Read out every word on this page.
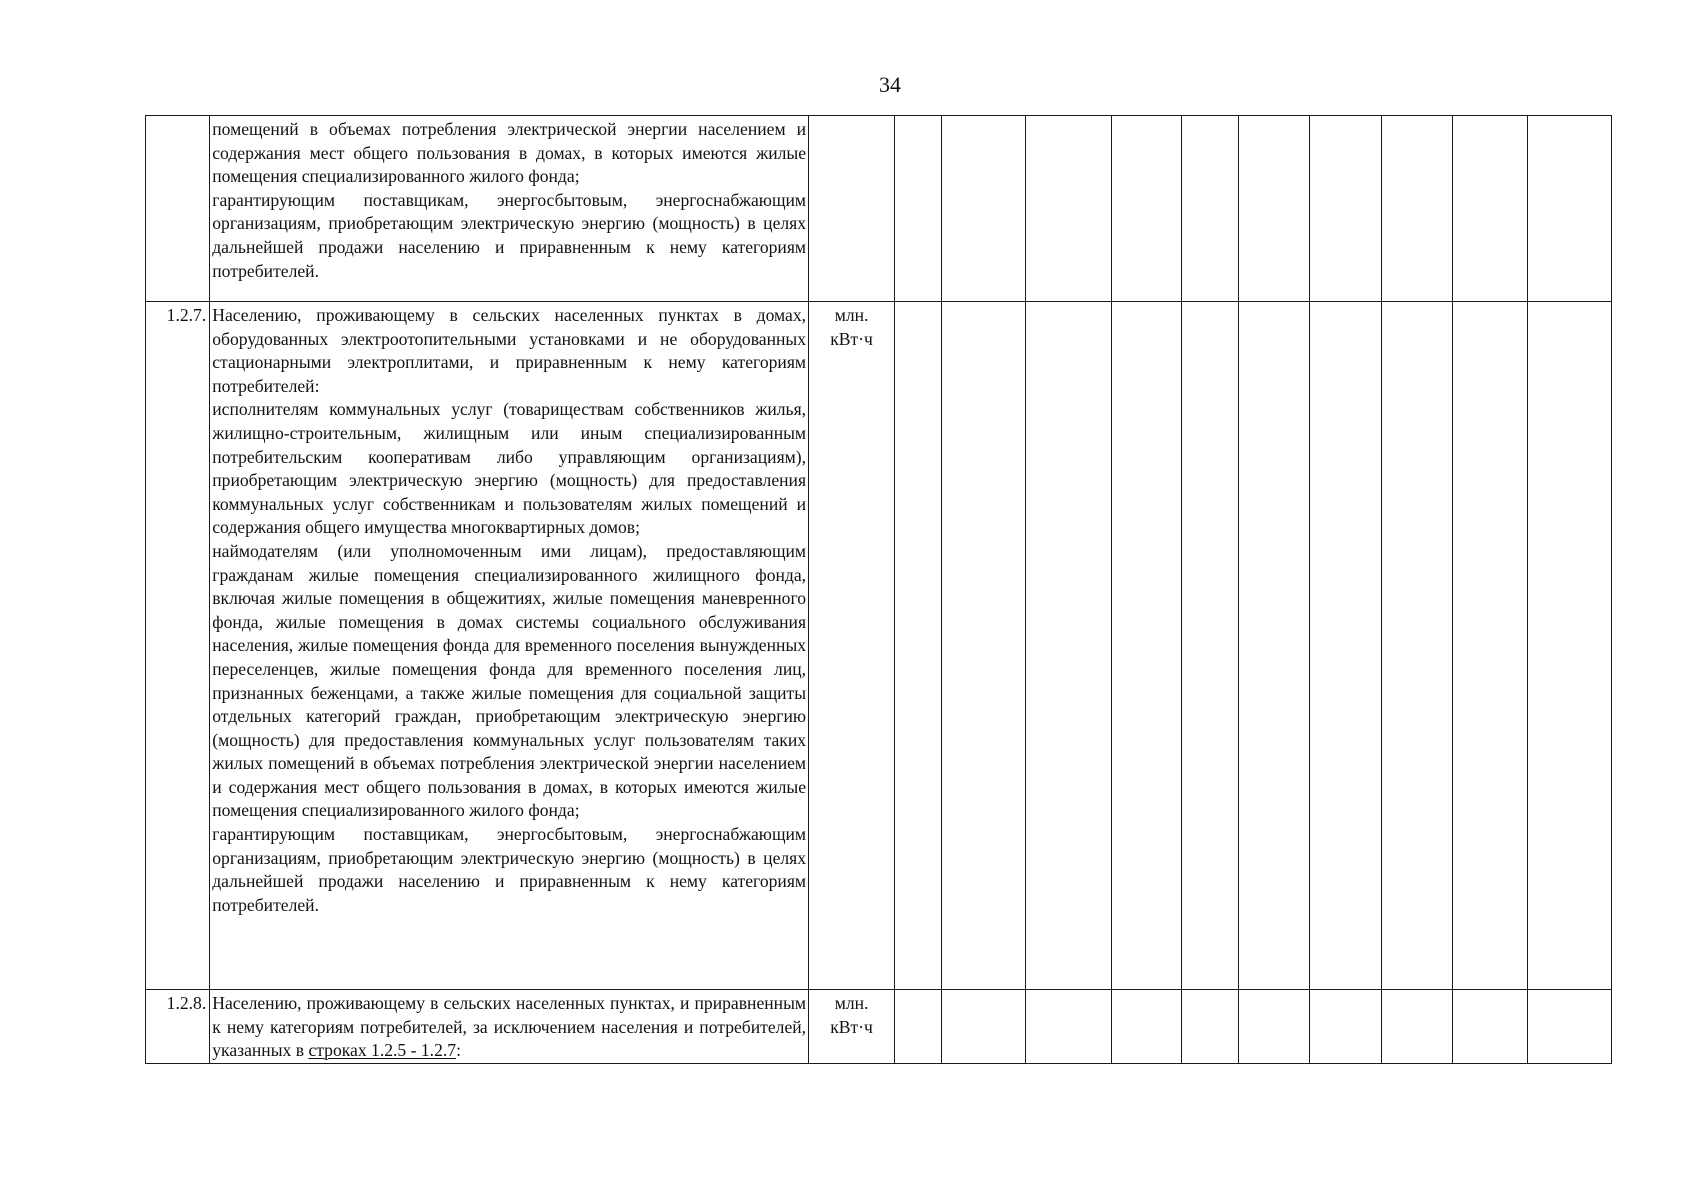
34

	помещений в объемах потребления электрической энергии населением и содержания мест общего пользования в домах, в которых имеются жилые помещения специализированного жилого фонда;
гарантирующим поставщикам, энергосбытовым, энергоснабжающим организациям, приобретающим электрическую энергию (мощность) в целях дальнейшей продажи населению и приравненным к нему категориям потребителей.											

1.2.7.	Населению, проживающему в сельских населенных пунктах в домах, оборудованных электроотопительными установками и не оборудованных стационарными электроплитами, и приравненным к нему категориям потребителей:
исполнителям коммунальных услуг (товариществам собственников жилья, жилищно-строительным, жилищным или иным специализированным потребительским кооперативам либо управляющим организациям), приобретающим электрическую энергию (мощность) для предоставления коммунальных услуг собственникам и пользователям жилых помещений и содержания общего имущества многоквартирных домов;
наймодателям (или уполномоченным ими лицам), предоставляющим гражданам жилые помещения специализированного жилищного фонда, включая жилые помещения в общежитиях, жилые помещения маневренного фонда, жилые помещения в домах системы социального обслуживания населения, жилые помещения фонда для временного поселения вынужденных переселенцев, жилые помещения фонда для временного поселения лиц, признанных беженцами, а также жилые помещения для социальной защиты отдельных категорий граждан, приобретающим электрическую энергию (мощность) для предоставления коммунальных услуг пользователям таких жилых помещений в объемах потребления электрической энергии населением и содержания мест общего пользования в домах, в которых имеются жилые помещения специализированного жилого фонда;
гарантирующим поставщикам, энергосбытовым, энергоснабжающим организациям, приобретающим электрическую энергию (мощность) в целях дальнейшей продажи населению и приравненным к нему категориям потребителей.	млн.
кВт·ч										

1.2.8.	Населению, проживающему в сельских населенных пунктах, и приравненным к нему категориям потребителей, за исключением населения и потребителей, указанных в строках 1.2.5 - 1.2.7:	млн.
кВт·ч										
